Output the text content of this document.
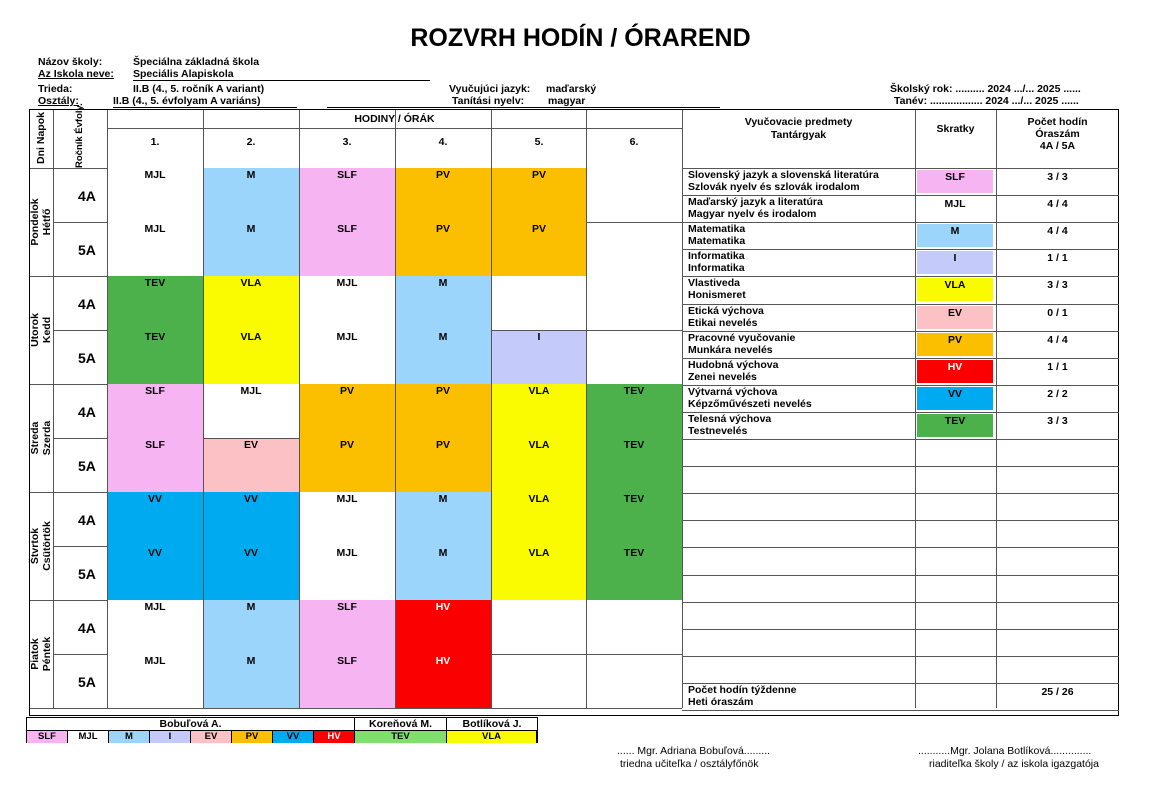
ROZVRH HODÍN / ÓRAREND
Názov školy:	Špeciálna základná škola
Az Iskola neve: Speciális Alapiskola
Trieda:	II.B (4., 5. ročník A variant)
Osztály:	II.B (4., 5. évfolyam A variáns)
Vyučujúci jazyk: maďarský
Tanítási nyelv: magyar
Školský rok: .......... 2024 .../... 2025 ......
Tanév: .................. 2024 .../... 2025 ......
Dni Napok	Ročník Évfoly.	HODINY / ÓRÁK
1.	2.	3.	4.	5.	6.
Vyučovacie predmety
Tantárgyak	Skratky
Počet hodín
Óraszám
4A / 5A
Pondelok
Hétfő
4A
MJL	M	SLF	PV	PV
5A
MJL	M	SLF	PV	PV
Utorok
Kedd
4A
TEV	VLA	MJL	M
5A
TEV	VLA	MJL	M	I
Streda
Szerda
4A
SLF	MJL	PV	PV	VLA	TEV
5A
SLF	EV	PV	PV	VLA	TEV
Štvrtok
Csütörtök
4A
VV	VV	MJL	M	VLA	TEV
5A
VV	VV	MJL	M	VLA	TEV
Piatok
Péntek
4A
MJL	M	SLF	HV
5A
MJL	M	SLF	HV
Slovenský jazyk a slovenská literatúra
Szlovák nyelv és szlovák irodalom
SLF	3 / 3
Maďarský jazyk a literatúra
Magyar nyelv és irodalom
MJL	4 / 4
Matematika
Matematika
M	4 / 4
Informatika
Informatika
I	1 / 1
Vlastiveda
Honismeret
VLA	3 / 3
Etická výchova
Etikai nevelés
EV	0 / 1
Pracovné vyučovanie
Munkára nevelés
PV	4 / 4
Hudobná výchova
Zenei nevelés
HV	1 / 1
Výtvarná výchova
Képzőművészeti nevelés
VV	2 / 2
Telesná výchova
Testnevelés
TEV	3 / 3
Počet hodín týždenne
Heti óraszám
25 / 26
Bobuľová A.	Koreňová M.	Botlíková J.
SLF	MJL	M	I	EV	PV	VV	HV	TEV	VLA
...... Mgr. Adriana Bobuľová.........
triedna učiteľka / osztályfőnök
...........Mgr. Jolana Botlíková..............
riaditeľka školy / az iskola igazgatója
